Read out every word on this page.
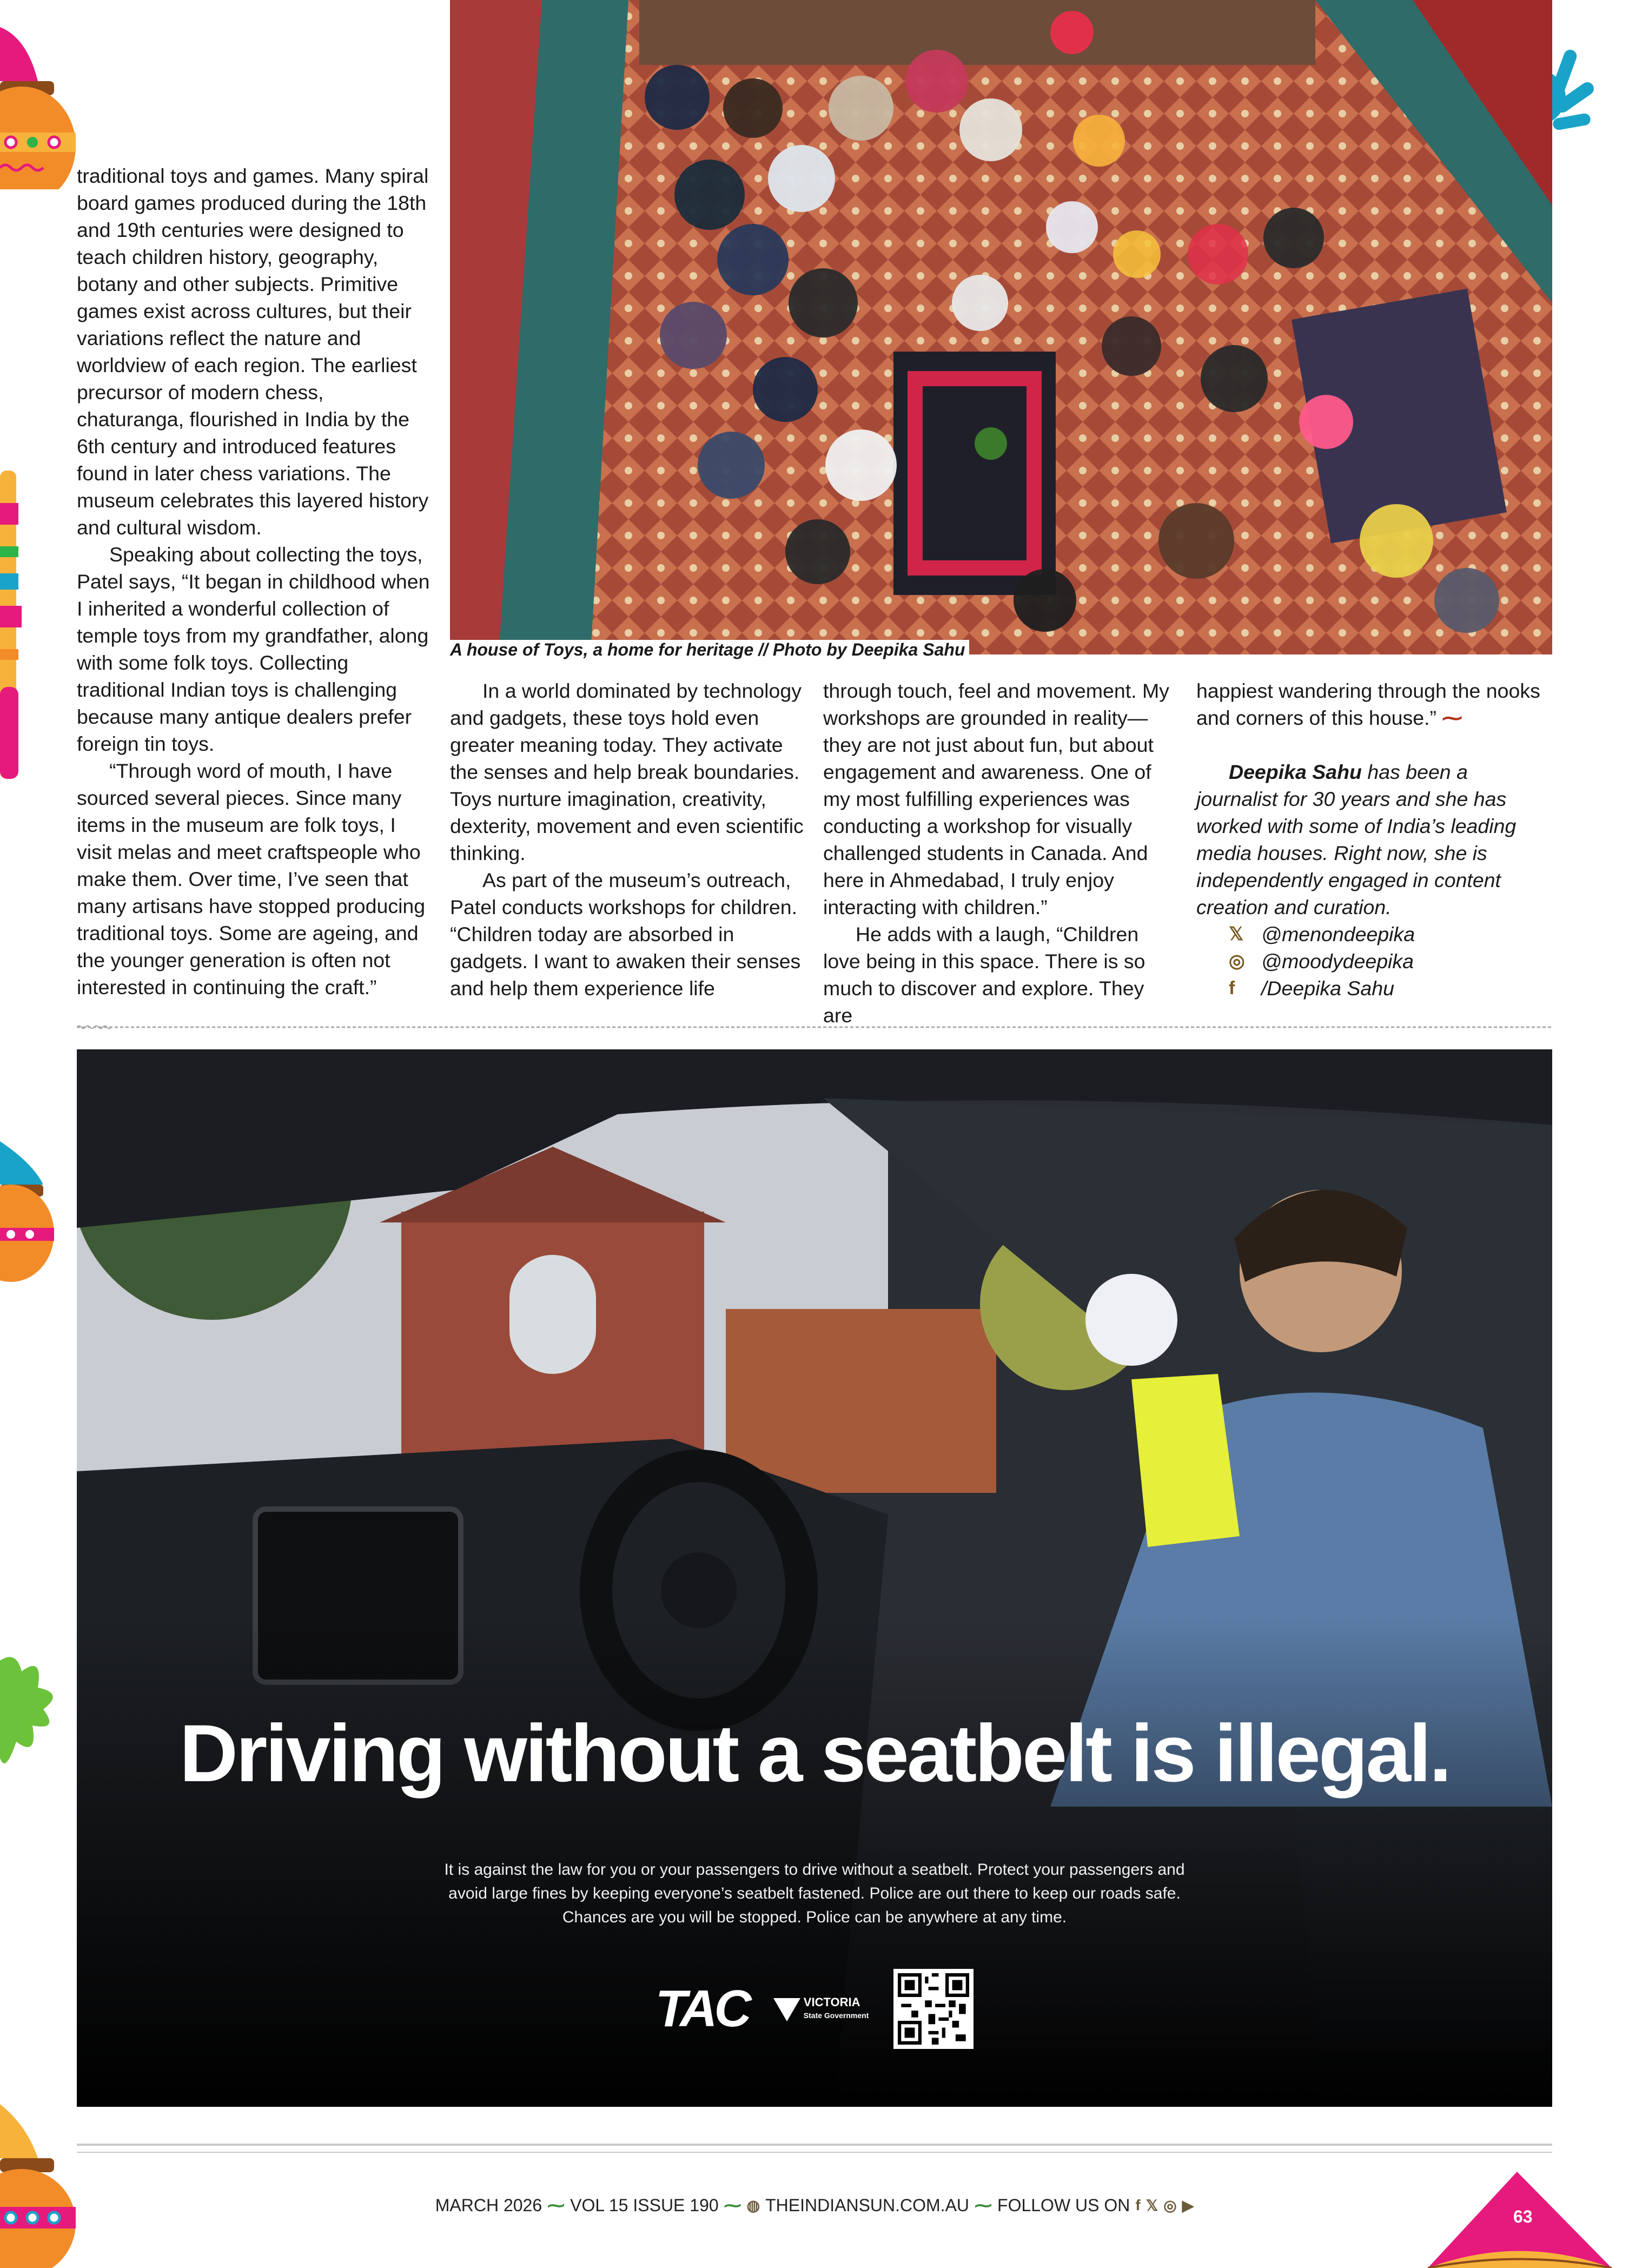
traditional toys and games. Many spiral board games produced during the 18th and 19th centuries were designed to teach children history, geography, botany and other subjects. Primitive games exist across cultures, but their variations reflect the nature and worldview of each region. The earliest precursor of modern chess, chaturanga, flourished in India by the 6th century and introduced features found in later chess variations. The museum celebrates this layered history and cultural wisdom.

Speaking about collecting the toys, Patel says, “It began in childhood when I inherited a wonderful collection of temple toys from my grandfather, along with some folk toys. Collecting traditional Indian toys is challenging because many antique dealers prefer foreign tin toys.

“Through word of mouth, I have sourced several pieces. Since many items in the museum are folk toys, I visit melas and meet craftspeople who make them. Over time, I’ve seen that many artisans have stopped producing traditional toys. Some are ageing, and the younger generation is often not interested in continuing the craft.”

A house of Toys, a home for heritage // Photo by Deepika Sahu

In a world dominated by technology and gadgets, these toys hold even greater meaning today. They activate the senses and help break boundaries. Toys nurture imagination, creativity, dexterity, movement and even scientific thinking.

As part of the museum’s outreach, Patel conducts workshops for children. “Children today are absorbed in gadgets. I want to awaken their senses and help them experience life

through touch, feel and movement. My workshops are grounded in reality—they are not just about fun, but about engagement and awareness. One of my most fulfilling experiences was conducting a workshop for visually challenged students in Canada. And here in Ahmedabad, I truly enjoy interacting with children.”

He adds with a laugh, “Children love being in this space. There is so much to discover and explore. They are

happiest wandering through the nooks and corners of this house.” ⁓

Deepika Sahu has been a journalist for 30 years and she has worked with some of India’s leading media houses. Right now, she is independently engaged in content creation and curation.

𝕏 @menondeepika
◎ @moodydeepika
f	/Deepika Sahu
Driving without a seatbelt is illegal.

It is against the law for you or your passengers to drive without a seatbelt. Protect your passengers and

avoid large fines by keeping everyone’s seatbelt fastened. Police are out there to keep our roads safe.

Chances are you will be stopped. Police can be anywhere at any time.

TAC	VICTORIA
State Government
MARCH 2026 ⁓ VOL 15 ISSUE 190 ⁓ ◍ THEINDIANSUN.COM.AU ⁓ FOLLOW US ON f 𝕏 ◎ ▶
63
